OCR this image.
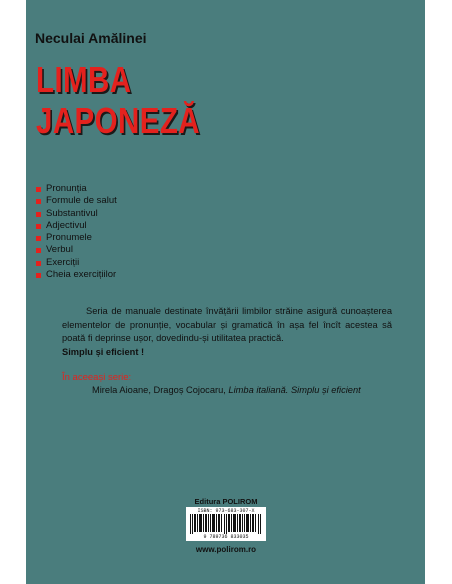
Neculai Amălinei
LIMBA
JAPONEZĂ
Pronunția
Formule de salut
Substantivul
Adjectivul
Pronumele
Verbul
Exerciții
Cheia exercițiilor
Seria de manuale destinate învățării limbilor străine asigură cunoașterea elementelor de pronunție, vocabular și gramatică în așa fel încît acestea să poată fi deprinse ușor, dovedindu-și utilitatea practică.
Simplu și eficient !
În aceeași serie:
Mirela Aioane, Dragoș Cojocaru, Limba italiană. Simplu și eficient
Editura POLIROM
ISBN: 973-683-307-X
9 789736 833035
www.polirom.ro
